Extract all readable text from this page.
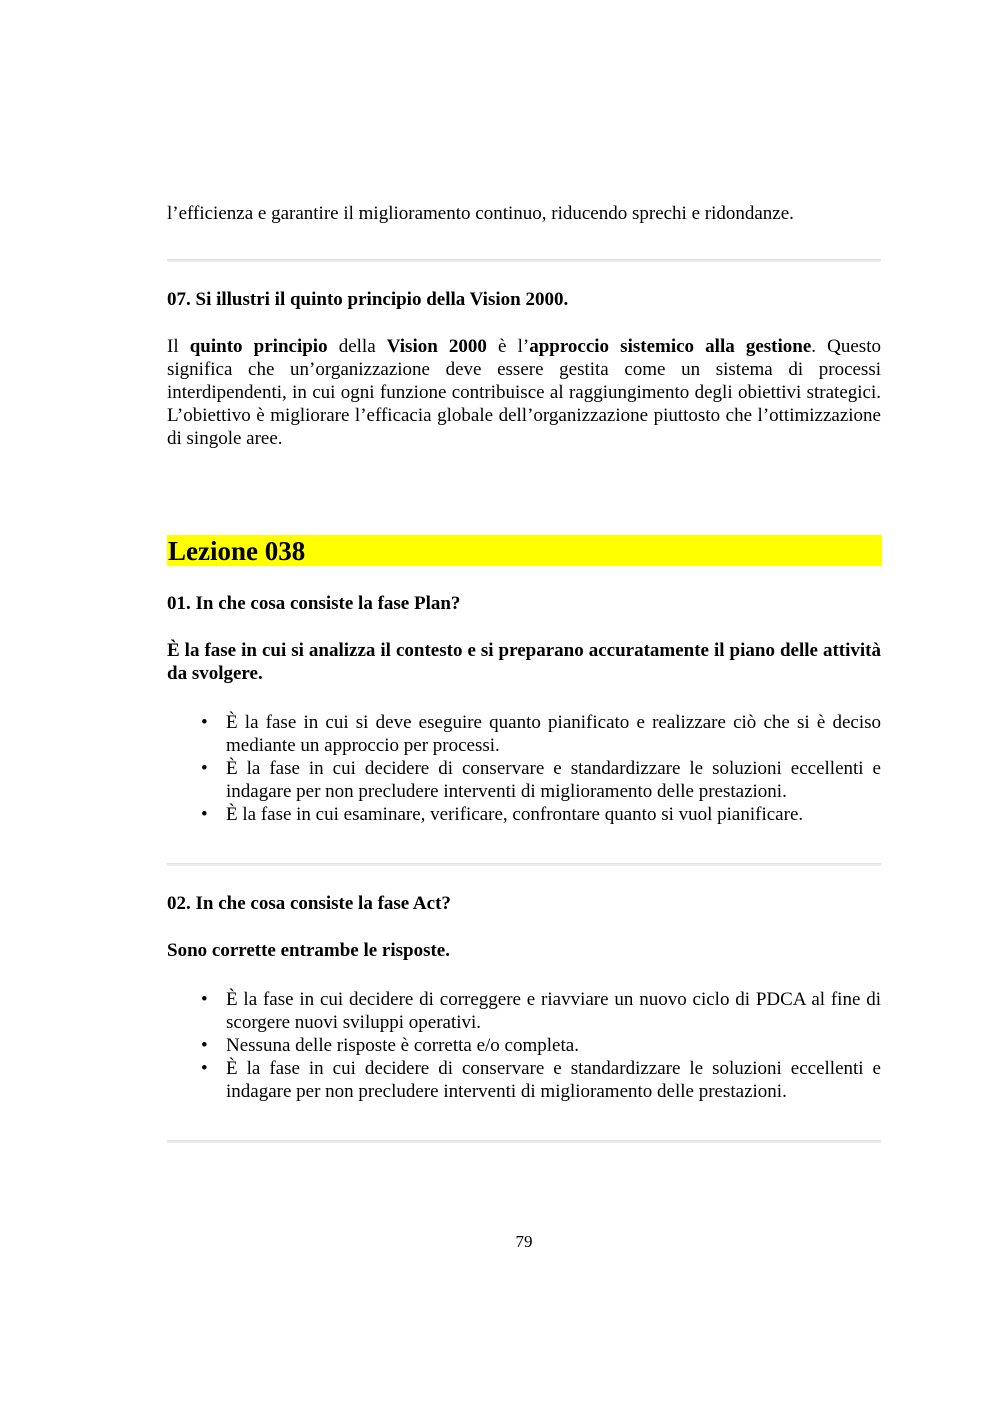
l’efficienza e garantire il miglioramento continuo, riducendo sprechi e ridondanze.

07. Si illustri il quinto principio della Vision 2000.

Il quinto principio della Vision 2000 è l’approccio sistemico alla gestione. Questo significa che un’organizzazione deve essere gestita come un sistema di processi interdipendenti, in cui ogni funzione contribuisce al raggiungimento degli obiettivi strategici. L’obiettivo è migliorare l’efficacia globale dell’organizzazione piuttosto che l’ottimizzazione di singole aree.

Lezione 038

01. In che cosa consiste la fase Plan?

È la fase in cui si analizza il contesto e si preparano accuratamente il piano delle attività da svolgere.

• È la fase in cui si deve eseguire quanto pianificato e realizzare ciò che si è deciso mediante un approccio per processi.
• È la fase in cui decidere di conservare e standardizzare le soluzioni eccellenti e indagare per non precludere interventi di miglioramento delle prestazioni.
• È la fase in cui esaminare, verificare, confrontare quanto si vuol pianificare.

02. In che cosa consiste la fase Act?

Sono corrette entrambe le risposte.

• È la fase in cui decidere di correggere e riavviare un nuovo ciclo di PDCA al fine di scorgere nuovi sviluppi operativi.
• Nessuna delle risposte è corretta e/o completa.
• È la fase in cui decidere di conservare e standardizzare le soluzioni eccellenti e indagare per non precludere interventi di miglioramento delle prestazioni.
79
